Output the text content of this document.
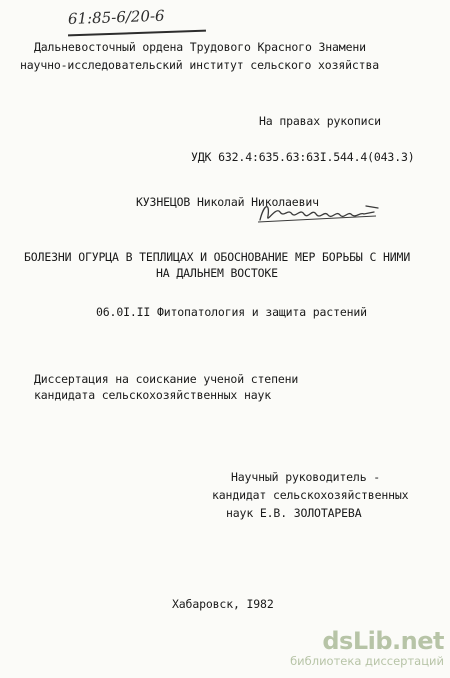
61:85-6/20-6
Дальневосточный ордена Трудового Красного Знамени
научно-исследовательский институт сельского хозяйства
На правах рукописи
УДК 632.4:635.63:63I.544.4(043.3)
КУЗНЕЦОВ Николай Николаевич
БОЛЕЗНИ ОГУРЦА В ТЕПЛИЦАХ И ОБОСНОВАНИЕ МЕР БОРЬБЫ С НИМИ
НА ДАЛЬНЕМ ВОСТОКЕ
06.0I.II Фитопатология и защита растений
Диссертация на соискание ученой степени
кандидата сельскохозяйственных наук
Научный руководитель -
кандидат сельскохозяйственных
наук Е.В. ЗОЛОТАРЕВА
Хабаровск, I982
dsLib.net
библиотека диссертаций
